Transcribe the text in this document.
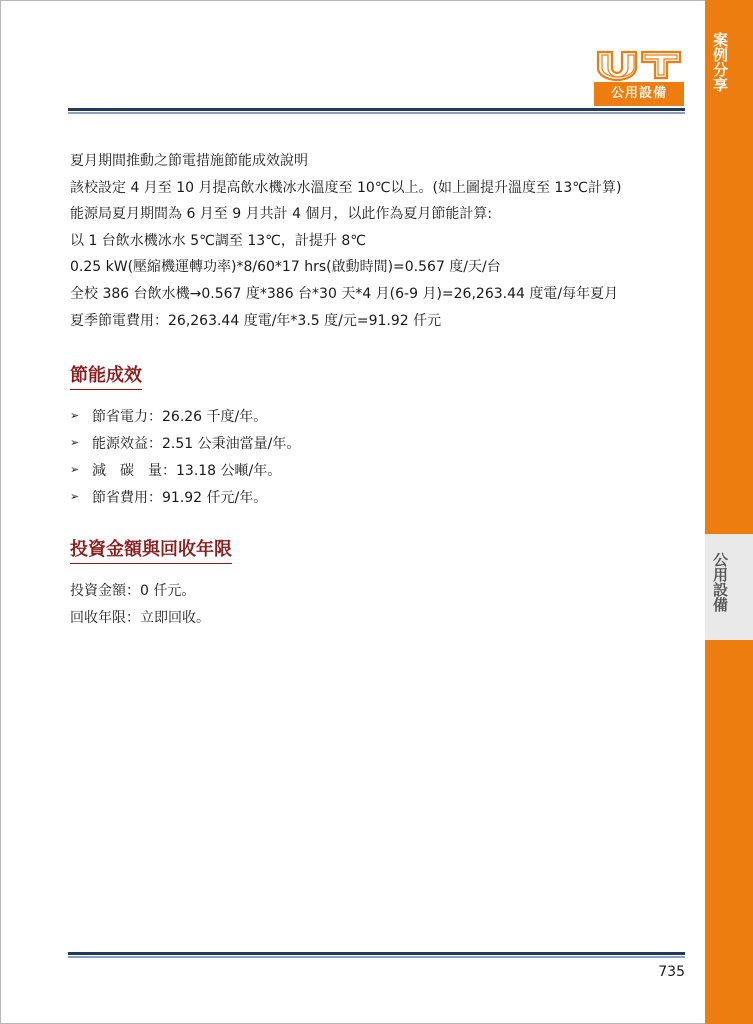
案例分享
公用設備
公用設備

夏月期間推動之節電措施節能成效說明

該校設定 4 月至 10 月提高飲水機冰水溫度至 10℃以上。(如上圖提升溫度至 13℃計算)

能源局夏月期間為 6 月至 9 月共計 4 個月，以此作為夏月節能計算:

以 1 台飲水機冰水 5℃調至 13℃，計提升 8℃

0.25 kW(壓縮機運轉功率)*8/60*17 hrs(啟動時間)=0.567 度/天/台

全校 386 台飲水機→0.567 度*386 台*30 天*4 月(6-9 月)=26,263.44 度電/每年夏月

夏季節電費用：26,263.44 度電/年*3.5 度/元=91.92 仟元

節能成效
➢ 節省電力：26.26 千度/年。
➢ 能源效益：2.51 公秉油當量/年。
➢ 減　碳　量：13.18 公噸/年。
➢ 節省費用：91.92 仟元/年。
投資金額與回收年限

投資金額：0 仟元。

回收年限：立即回收。

735
